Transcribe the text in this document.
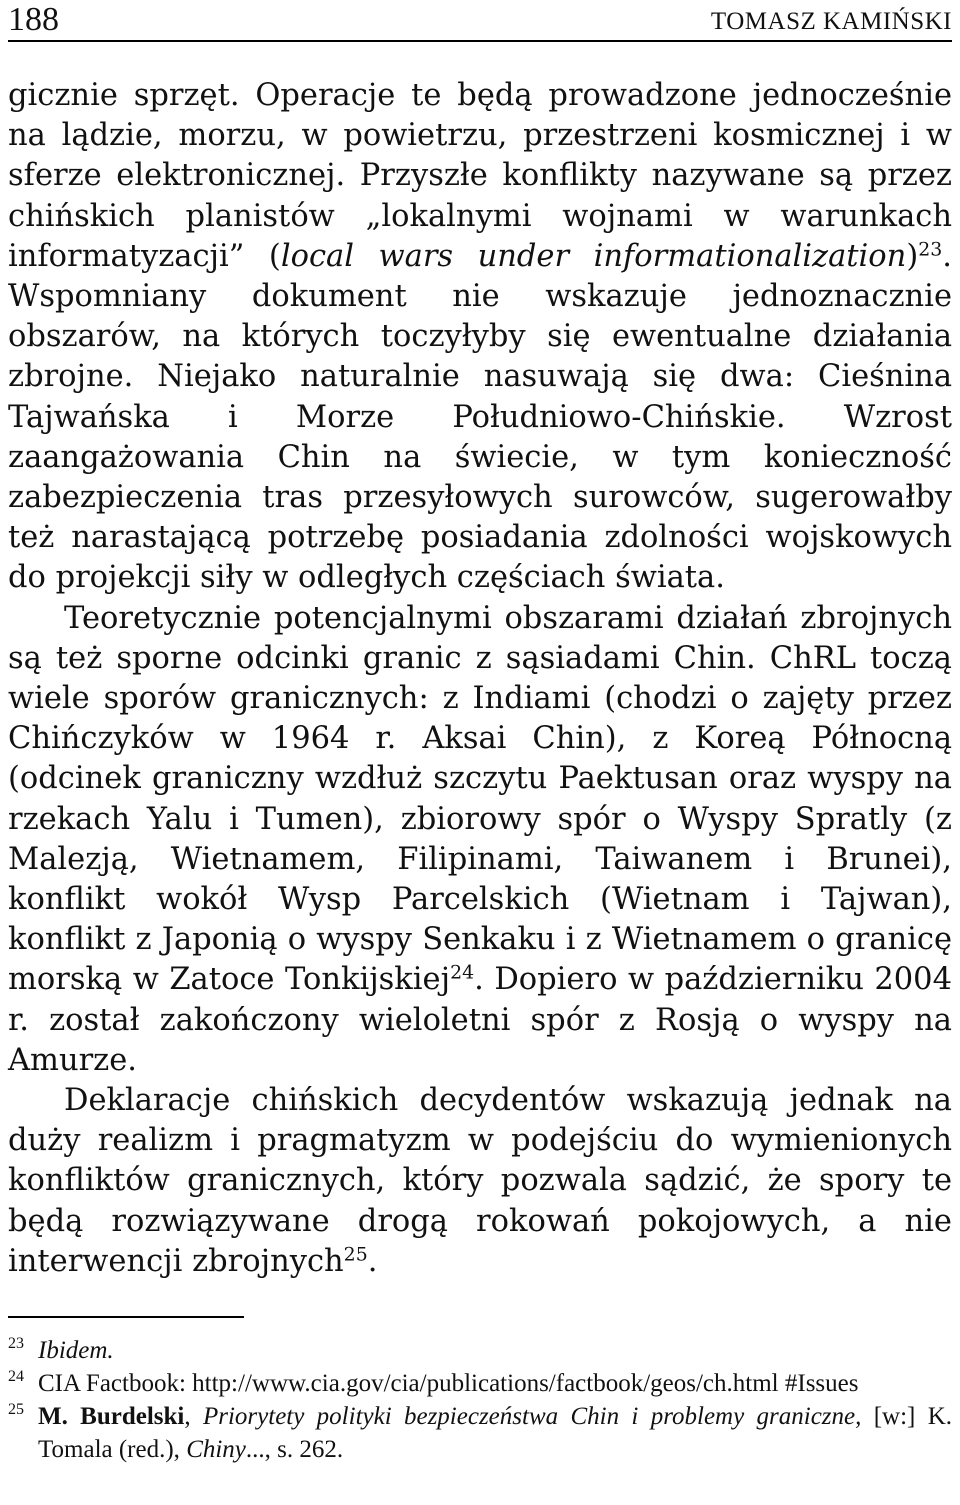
188	TOMASZ KAMIŃSKI

gicznie sprzęt. Operacje te będą prowadzone jednocześnie na lądzie, morzu, w powietrzu, przestrzeni kosmicznej i w sferze elektronicznej. Przyszłe konflikty nazywane są przez chińskich planistów „lokalnymi wojnami w warunkach informatyzacji” (local wars under informationalization)$^{23}$. Wspomniany dokument nie wskazuje jednoznacznie obszarów, na których toczyłyby się ewentualne działania zbrojne. Niejako naturalnie nasuwają się dwa: Cieśnina Tajwańska i Morze Południowo-Chińskie. Wzrost zaangażowania Chin na świecie, w tym konieczność zabezpieczenia tras przesyłowych surowców, sugerowałby też narastającą potrzebę posiadania zdolności wojskowych do projekcji siły w odległych częściach świata.

Teoretycznie potencjalnymi obszarami działań zbrojnych są też sporne odcinki granic z sąsiadami Chin. ChRL toczą wiele sporów granicznych: z Indiami (chodzi o zajęty przez Chińczyków w 1964 r. Aksai Chin), z Koreą Północną (odcinek graniczny wzdłuż szczytu Paektusan oraz wyspy na rzekach Yalu i Tumen), zbiorowy spór o Wyspy Spratly (z Malezją, Wietnamem, Filipinami, Taiwanem i Brunei), konflikt wokół Wysp Parcelskich (Wietnam i Tajwan), konflikt z Japonią o wyspy Senkaku i z Wietnamem o granicę morską w Zatoce Tonkijskiej$^{24}$. Dopiero w październiku 2004 r. został zakończony wieloletni spór z Rosją o wyspy na Amurze.

Deklaracje chińskich decydentów wskazują jednak na duży realizm i pragmatyzm w podejściu do wymienionych konfliktów granicznych, który pozwala sądzić, że spory te będą rozwiązywane drogą rokowań pokojowych, a nie interwencji zbrojnych$^{25}$.

23 Ibidem.
24 CIA Factbook: http://www.cia.gov/cia/publications/factbook/geos/ch.html #Issues
25 M. Burdelski, Priorytety polityki bezpieczeństwa Chin i problemy graniczne, [w:] K. Tomala (red.), Chiny..., s. 262.
